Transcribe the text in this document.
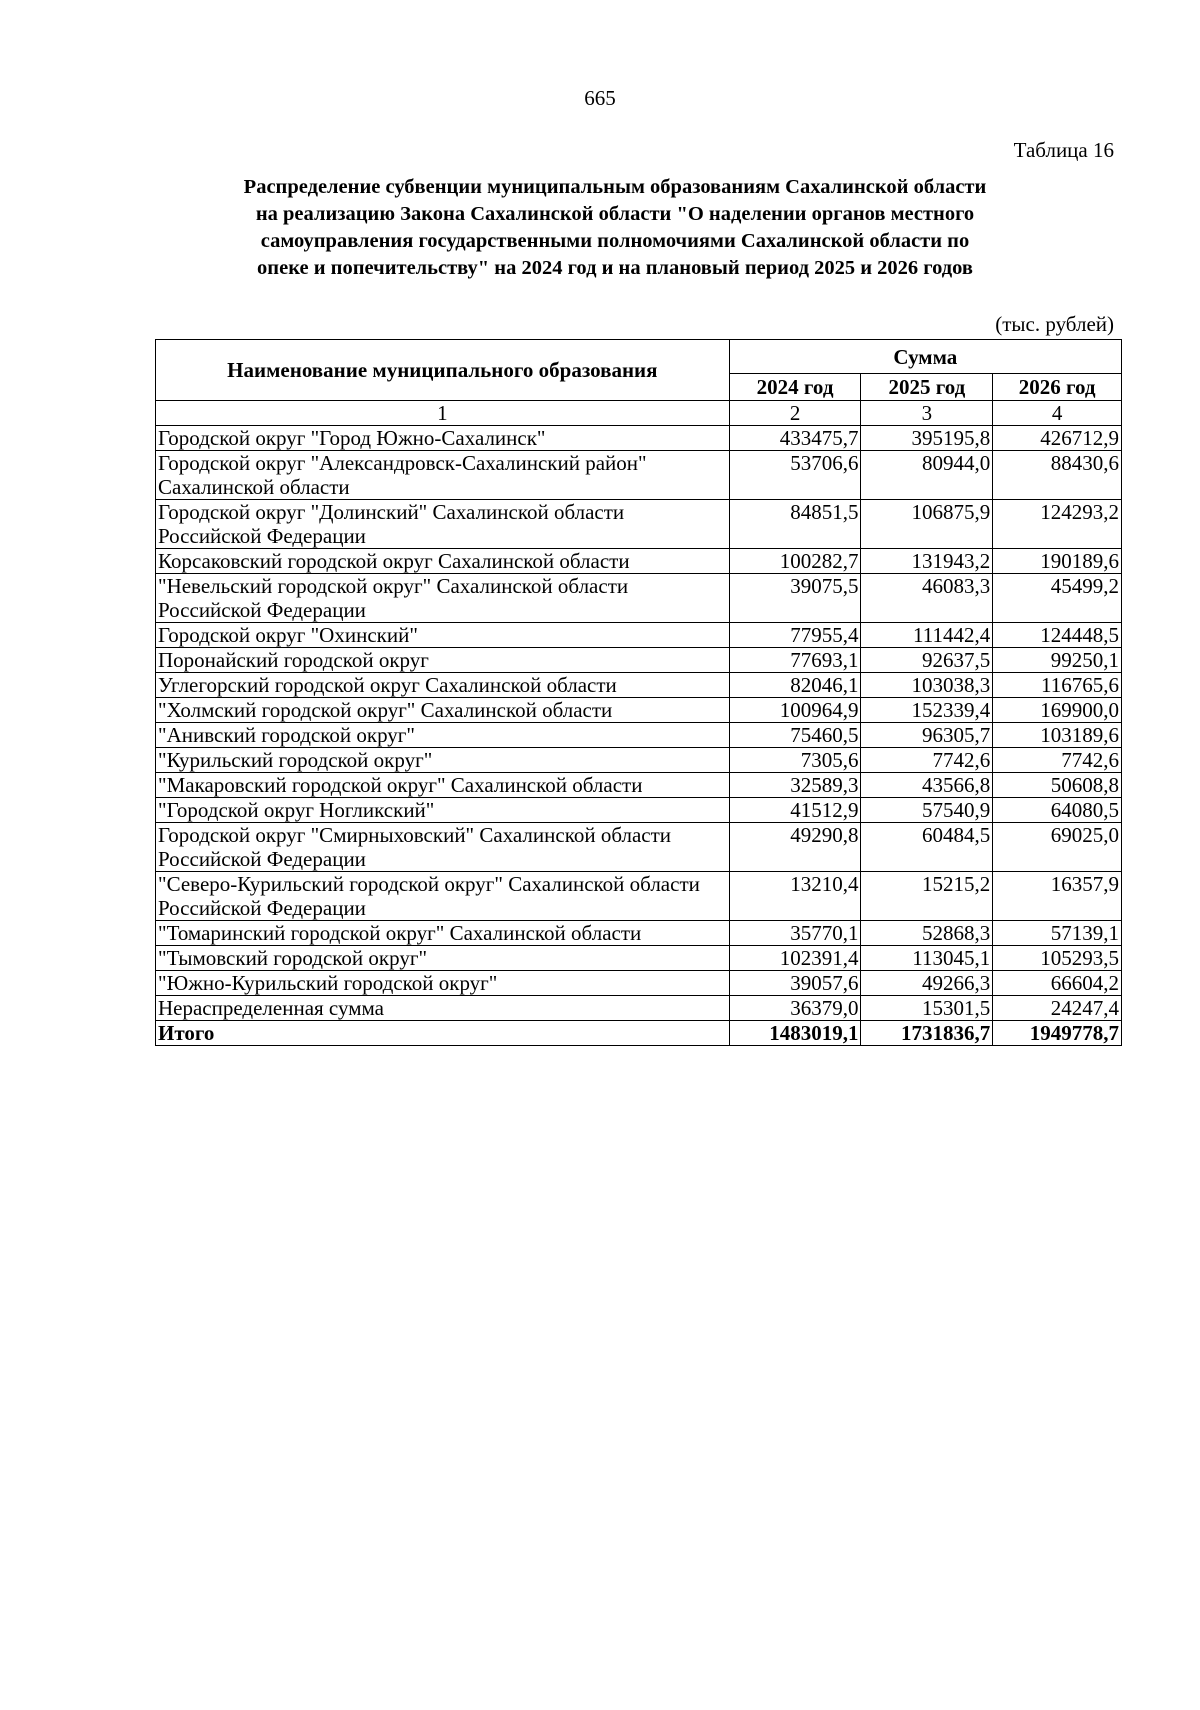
665
Таблица 16
Распределение субвенции муниципальным образованиям Сахалинской области
на реализацию Закона Сахалинской области "О наделении органов местного
самоуправления государственными полномочиями Сахалинской области по
опеке и попечительству" на 2024 год и на плановый период 2025 и 2026 годов
(тыс. рублей)
Наименование муниципального образования	Сумма		
	2024 год	2025 год	2026 год
1	2	3	4
Городской округ "Город Южно-Сахалинск"	433475,7	395195,8	426712,9
Городской округ "Александровск-Сахалинский район" Сахалинской области	53706,6	80944,0	88430,6
Городской округ "Долинский" Сахалинской области Российской Федерации	84851,5	106875,9	124293,2
Корсаковский городской округ Сахалинской области	100282,7	131943,2	190189,6
"Невельский городской округ" Сахалинской области Российской Федерации	39075,5	46083,3	45499,2
Городской округ "Охинский"	77955,4	111442,4	124448,5
Поронайский городской округ	77693,1	92637,5	99250,1
Углегорский городской округ Сахалинской области	82046,1	103038,3	116765,6
"Холмский городской округ" Сахалинской области	100964,9	152339,4	169900,0
"Анивский городской округ"	75460,5	96305,7	103189,6
"Курильский городской округ"	7305,6	7742,6	7742,6
"Макаровский городской округ" Сахалинской области	32589,3	43566,8	50608,8
"Городской округ Ногликский"	41512,9	57540,9	64080,5
Городской округ "Смирныховский" Сахалинской области Российской Федерации	49290,8	60484,5	69025,0
"Северо-Курильский городской округ" Сахалинской области Российской Федерации	13210,4	15215,2	16357,9
"Томаринский городской округ" Сахалинской области	35770,1	52868,3	57139,1
"Тымовский городской округ"	102391,4	113045,1	105293,5
"Южно-Курильский городской округ"	39057,6	49266,3	66604,2
Нераспределенная сумма	36379,0	15301,5	24247,4
Итого	1483019,1	1731836,7	1949778,7
